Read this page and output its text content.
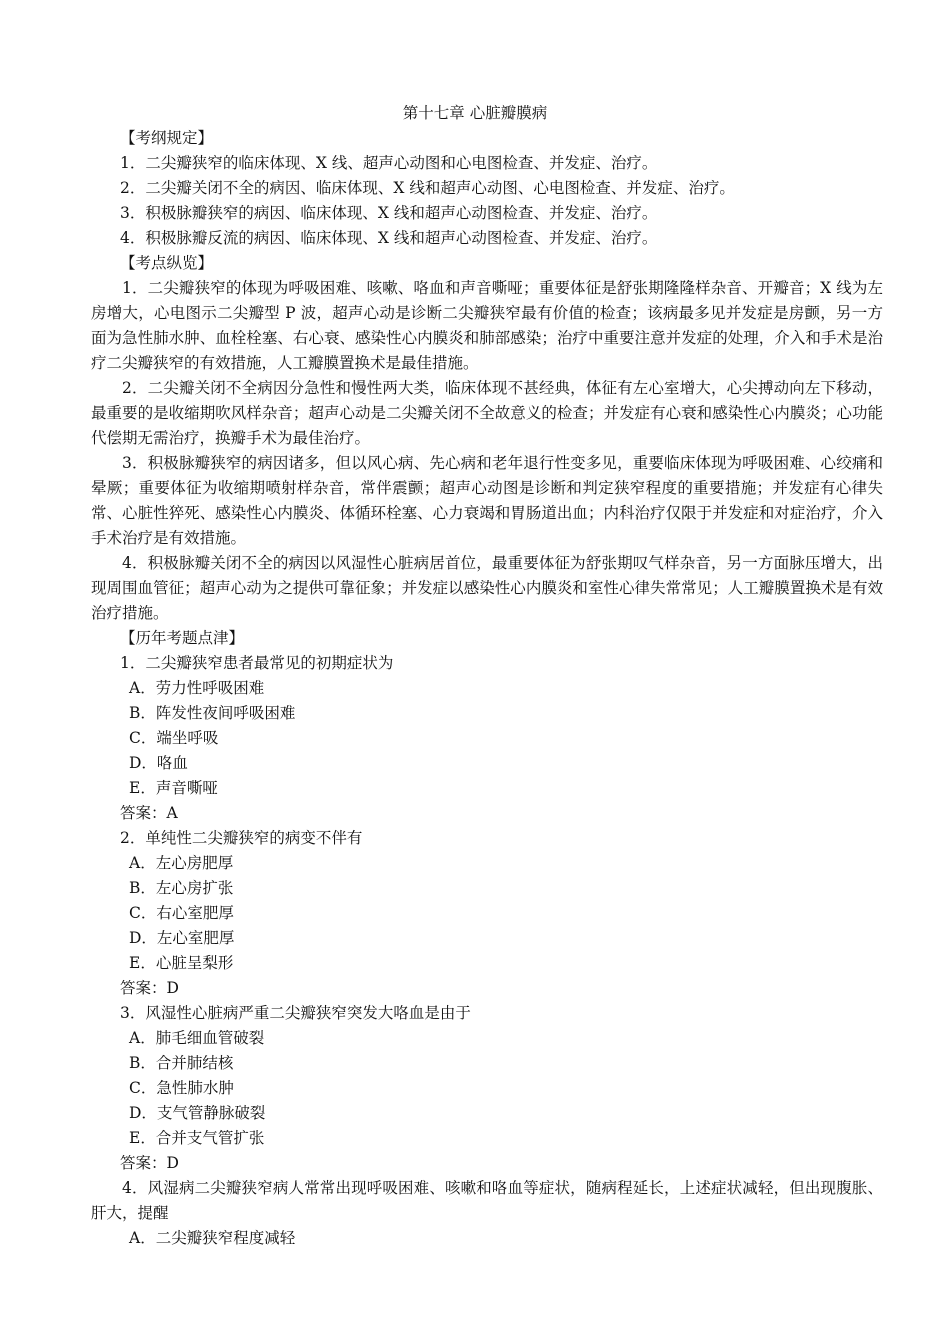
第十七章 心脏瓣膜病
【考纲规定】
1．二尖瓣狭窄的临床体现、X 线、超声心动图和心电图检查、并发症、治疗。
2．二尖瓣关闭不全的病因、临床体现、X 线和超声心动图、心电图检查、并发症、治疗。
3．积极脉瓣狭窄的病因、临床体现、X 线和超声心动图检查、并发症、治疗。
4．积极脉瓣反流的病因、临床体现、X 线和超声心动图检查、并发症、治疗。
【考点纵览】
1．二尖瓣狭窄的体现为呼吸困难、咳嗽、咯血和声音嘶哑；重要体征是舒张期隆隆样杂音、开瓣音；X 线为左房增大，心电图示二尖瓣型 P 波，超声心动是诊断二尖瓣狭窄最有价值的检查；该病最多见并发症是房颤，另一方面为急性肺水肿、血栓栓塞、右心衰、感染性心内膜炎和肺部感染；治疗中重要注意并发症的处理，介入和手术是治疗二尖瓣狭窄的有效措施，人工瓣膜置换术是最佳措施。
2．二尖瓣关闭不全病因分急性和慢性两大类，临床体现不甚经典，体征有左心室增大，心尖搏动向左下移动，最重要的是收缩期吹风样杂音；超声心动是二尖瓣关闭不全故意义的检查；并发症有心衰和感染性心内膜炎；心功能代偿期无需治疗，换瓣手术为最佳治疗。
3．积极脉瓣狭窄的病因诸多，但以风心病、先心病和老年退行性变多见，重要临床体现为呼吸困难、心绞痛和晕厥；重要体征为收缩期喷射样杂音，常伴震颤；超声心动图是诊断和判定狭窄程度的重要措施；并发症有心律失常、心脏性猝死、感染性心内膜炎、体循环栓塞、心力衰竭和胃肠道出血；内科治疗仅限于并发症和对症治疗，介入手术治疗是有效措施。
4．积极脉瓣关闭不全的病因以风湿性心脏病居首位，最重要体征为舒张期叹气样杂音，另一方面脉压增大，出现周围血管征；超声心动为之提供可靠征象；并发症以感染性心内膜炎和室性心律失常常见；人工瓣膜置换术是有效治疗措施。
【历年考题点津】
1．二尖瓣狭窄患者最常见的初期症状为
A．劳力性呼吸困难
B．阵发性夜间呼吸困难
C．端坐呼吸
D．咯血
E．声音嘶哑
答案：A
2．单纯性二尖瓣狭窄的病变不伴有
A．左心房肥厚
B．左心房扩张
C．右心室肥厚
D．左心室肥厚
E．心脏呈梨形
答案：D
3．风湿性心脏病严重二尖瓣狭窄突发大咯血是由于
A．肺毛细血管破裂
B．合并肺结核
C．急性肺水肿
D．支气管静脉破裂
E．合并支气管扩张
答案：D
4．风湿病二尖瓣狭窄病人常常出现呼吸困难、咳嗽和咯血等症状，随病程延长，上述症状减轻，但出现腹胀、肝大，提醒
A．二尖瓣狭窄程度减轻
